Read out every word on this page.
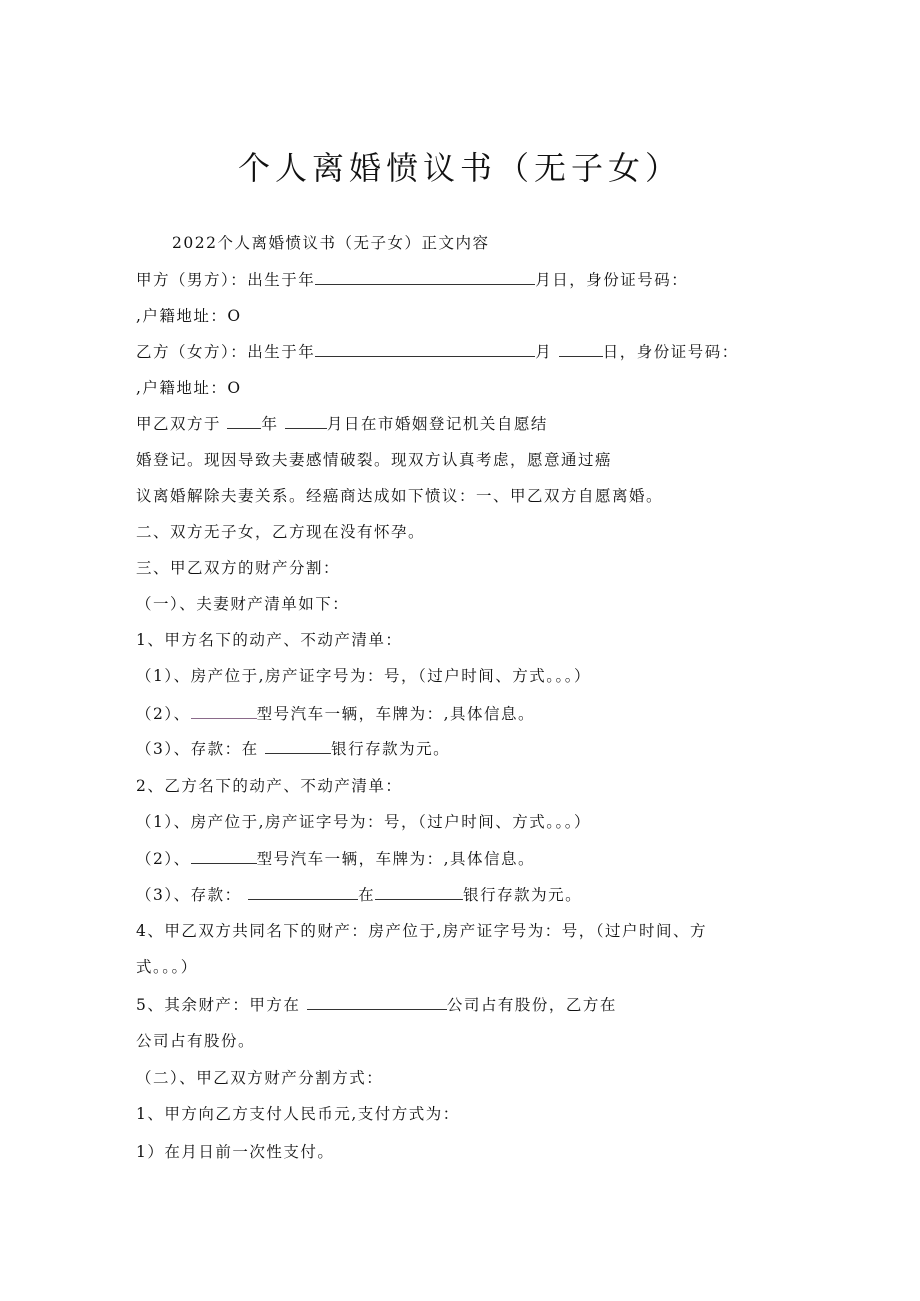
个人离婚愤议书（无子女）
2022个人离婚愤议书（无子女）正文内容
甲方（男方）：出生于年	月日，身份证号码：
,户籍地址：O
乙方（女方）：出生于年	月	日，身份证号码：
,户籍地址：O
甲乙双方于	年	月日在市婚姻登记机关自愿结
婚登记。现因导致夫妻感情破裂。现双方认真考虑，愿意通过癌
议离婚解除夫妻关系。经癌商达成如下愤议：一、甲乙双方自愿离婚。
二、双方无子女，乙方现在没有怀孕。
三、甲乙双方的财产分割：
（一）、夫妻财产清单如下：
1、甲方名下的动产、不动产清单：
（1）、房产位于,房产证字号为：号，（过户时间、方式。。。）
（2）、	型号汽车一辆，车牌为：,具体信息。
（3）、存款：在	银行存款为元。
2、乙方名下的动产、不动产清单：
（1）、房产位于,房产证字号为：号，（过户时间、方式。。。）
（2）、	型号汽车一辆，车牌为：,具体信息。
（3）、存款：	在	银行存款为元。
4、甲乙双方共同名下的财产：房产位于,房产证字号为：号，（过户时间、方
式。。。）
5、其余财产：甲方在	公司占有股份，乙方在
公司占有股份。
（二）、甲乙双方财产分割方式：
1、甲方向乙方支付人民币元,支付方式为：
1）在月日前一次性支付。
